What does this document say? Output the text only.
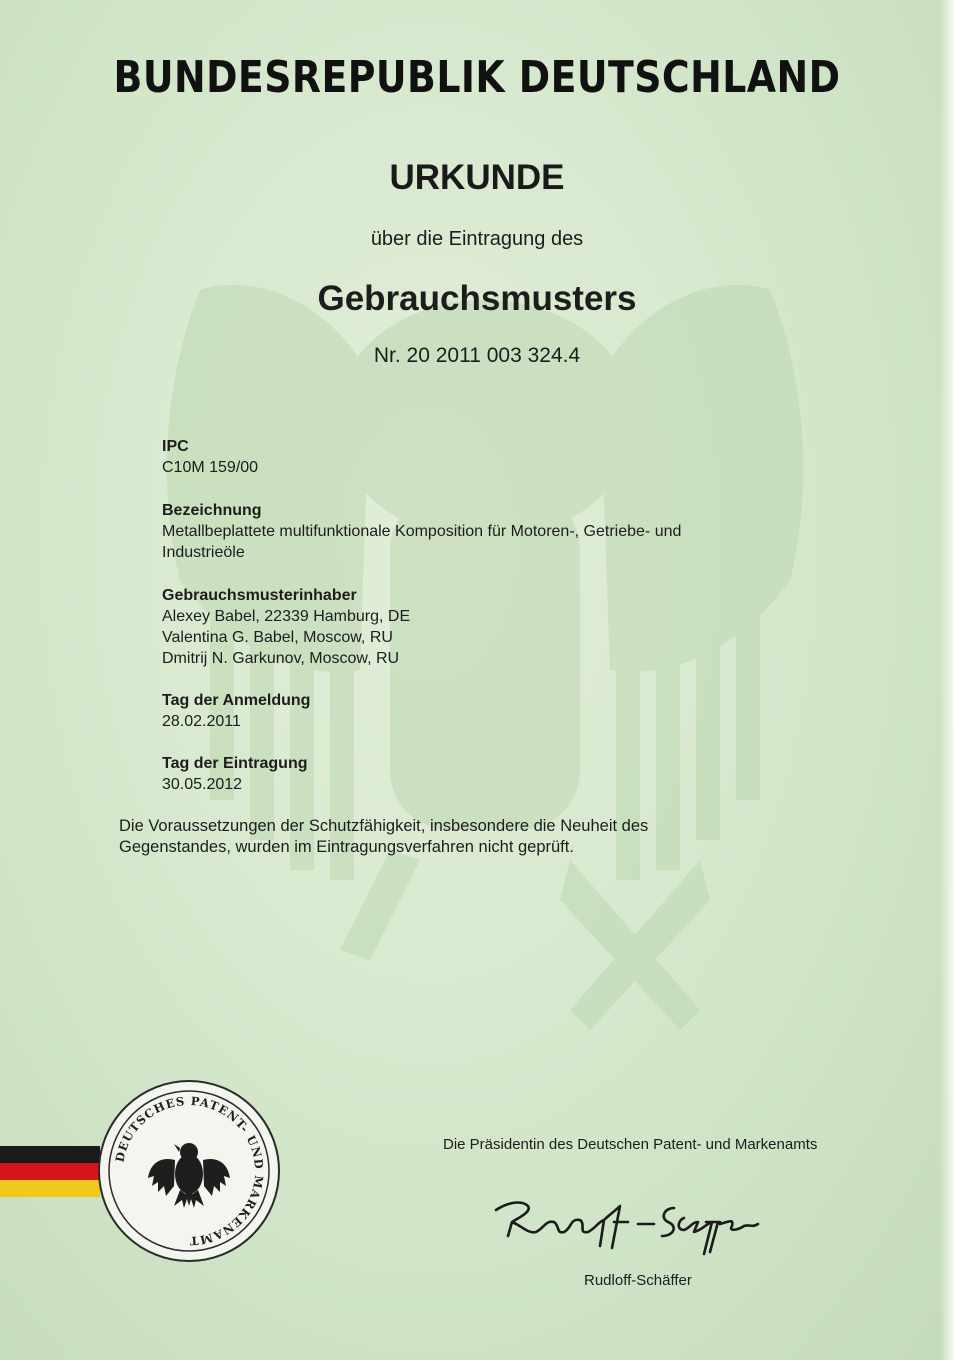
BUNDESREPUBLIK DEUTSCHLAND
URKUNDE
über die Eintragung des
Gebrauchsmusters
Nr. 20 2011 003 324.4
IPC
C10M 159/00
Bezeichnung
Metallbeplattete multifunktionale Komposition für Motoren-, Getriebe- und
Industrieöle
Gebrauchsmusterinhaber
Alexey Babel, 22339 Hamburg, DE
Valentina G. Babel, Moscow, RU
Dmitrij N. Garkunov, Moscow, RU
Tag der Anmeldung
28.02.2011
Tag der Eintragung
30.05.2012
Die Voraussetzungen der Schutzfähigkeit, insbesondere die Neuheit des
Gegenstandes, wurden im Eintragungsverfahren nicht geprüft.
DEUTSCHES PATENT- UND MARKENAMT
Die Präsidentin des Deutschen Patent- und Markenamts
Rudloff-Schäffer
